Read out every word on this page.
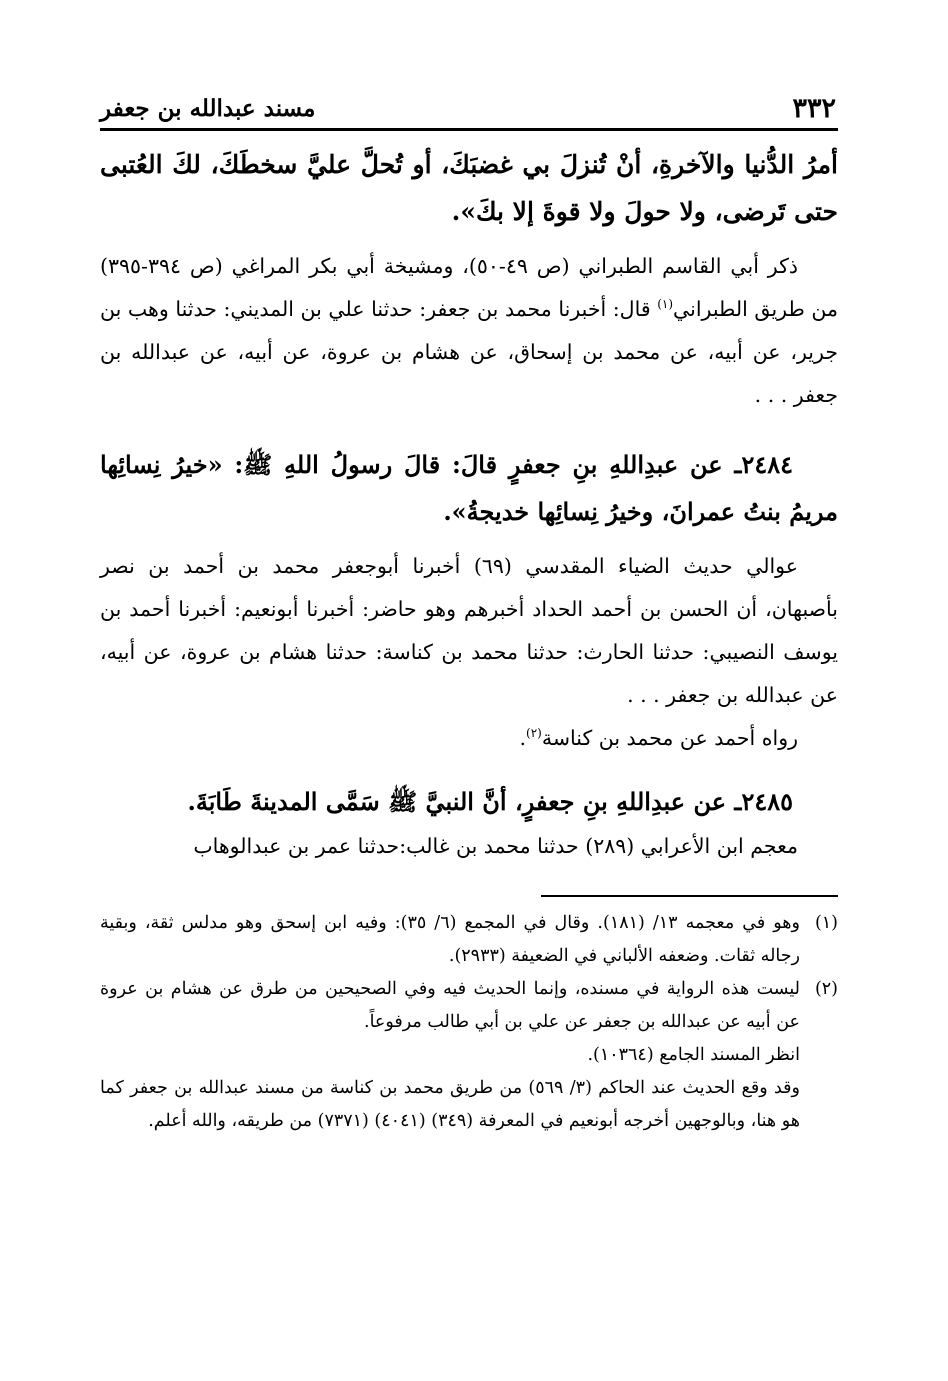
٣٣٢
مسند عبدالله بن جعفر

أمرُ الدُّنيا والآخرةِ، أنْ تُنزلَ بي غضبَكَ، أو تُحلَّ عليَّ سخطَكَ، لكَ العُتبى حتى تَرضى، ولا حولَ ولا قوةَ إلا بكَ».

ذكر أبي القاسم الطبراني (ص ٤٩-٥٠)، ومشيخة أبي بكر المراغي (ص ٣٩٤-٣٩٥) من طريق الطبراني$^{(١)}$ قال: أخبرنا محمد بن جعفر: حدثنا علي بن المديني: حدثنا وهب بن جرير، عن أبيه، عن محمد بن إسحاق، عن هشام بن عروة، عن أبيه، عن عبدالله بن جعفر . . .

٢٤٨٤ـ عن عبدِاللهِ بنِ جعفرٍ قالَ: قالَ رسولُ اللهِ ﷺ: «خيرُ نِسائِها مريمُ بنتُ عمرانَ، وخيرُ نِسائِها خديجةُ».

عوالي حديث الضياء المقدسي (٦٩) أخبرنا أبوجعفر محمد بن أحمد بن نصر بأصبهان، أن الحسن بن أحمد الحداد أخبرهم وهو حاضر: أخبرنا أبونعيم: أخبرنا أحمد بن يوسف النصيبي: حدثنا الحارث: حدثنا محمد بن كناسة: حدثنا هشام بن عروة، عن أبيه، عن عبدالله بن جعفر . . .

رواه أحمد عن محمد بن كناسة$^{(٢)}$.

٢٤٨٥ـ عن عبدِاللهِ بنِ جعفرٍ، أنَّ النبيَّ ﷺ سَمَّى المدينةَ طَابَةَ.

معجم ابن الأعرابي (٢٨٩) حدثنا محمد بن غالب:حدثنا عمر بن عبدالوهاب

(١)

وهو في معجمه ١٣/ (١٨١). وقال في المجمع (٦/ ٣٥): وفيه ابن إسحق وهو مدلس ثقة، وبقية رجاله ثقات. وضعفه الألباني في الضعيفة (٢٩٣٣).

(٢)

ليست هذه الرواية في مسنده، وإنما الحديث فيه وفي الصحيحين من طرق عن هشام بن عروة عن أبيه عن عبدالله بن جعفر عن علي بن أبي طالب مرفوعاً.

انظر المسند الجامع (١٠٣٦٤).

وقد وقع الحديث عند الحاكم (٣/ ٥٦٩) من طريق محمد بن كناسة من مسند عبدالله بن جعفر كما هو هنا، وبالوجهين أخرجه أبونعيم في المعرفة (٣٤٩) (٤٠٤١) (٧٣٧١) من طريقه، والله أعلم.
